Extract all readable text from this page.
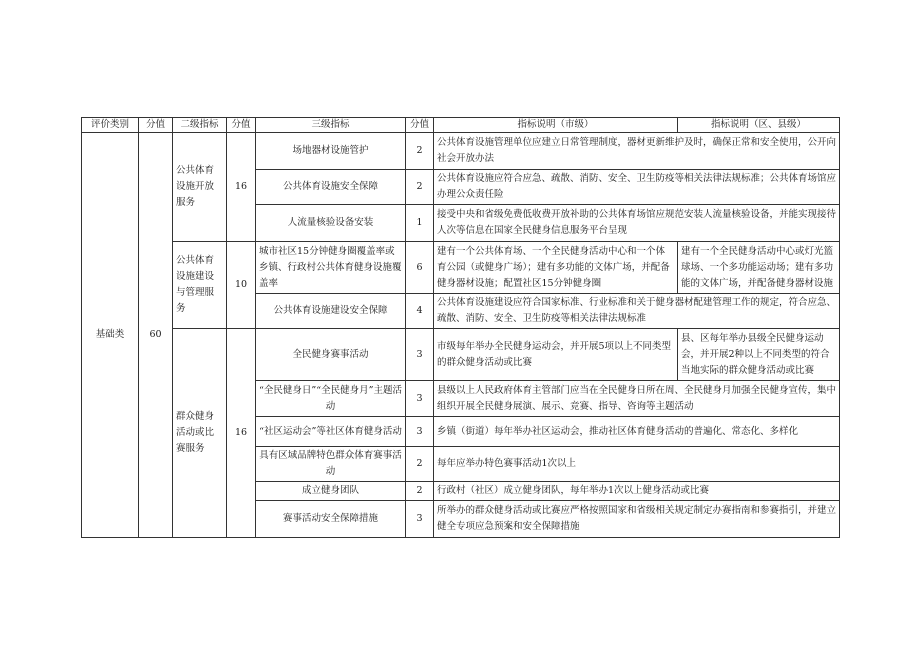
评价类别	分值	二级指标	分值	三级指标	分值	指标说明（市级）	指标说明（区、县级）
基础类	60	公共体育设施开放服务	16	场地器材设施管护	2	公共体育设施管理单位应建立日常管理制度，器材更新维护及时，确保正常和安全使用，公开向社会开放办法	
				公共体育设施安全保障	2	公共体育设施应符合应急、疏散、消防、安全、卫生防疫等相关法律法规标准；公共体育场馆应办理公众责任险	
				人流量核验设备安装	1	接受中央和省级免费低收费开放补助的公共体育场馆应规范安装人流量核验设备，并能实现接待人次等信息在国家全民健身信息服务平台呈现	
		公共体育设施建设与管理服务	10	城市社区15分钟健身圈覆盖率或乡镇、行政村公共体育健身设施覆盖率	6	建有一个公共体育场、一个全民健身活动中心和一个体育公园（或健身广场）；建有多功能的文体广场，并配备健身器材设施；配置社区15分钟健身圈	建有一个全民健身活动中心或灯光篮球场、一个多功能运动场；建有多功能的文体广场，并配备健身器材设施
				公共体育设施建设安全保障	4	公共体育设施建设应符合国家标准、行业标准和关于健身器材配建管理工作的规定，符合应急、疏散、消防、安全、卫生防疫等相关法律法规标准	
		群众健身活动或比赛服务	16	全民健身赛事活动	3	市级每年举办全民健身运动会，并开展5项以上不同类型的群众健身活动或比赛	县、区每年举办县级全民健身运动会，并开展2种以上不同类型的符合当地实际的群众健身活动或比赛
				“全民健身日”“全民健身月”主题活动	3	县级以上人民政府体育主管部门应当在全民健身日所在周、全民健身月加强全民健身宣传，集中组织开展全民健身展演、展示、竞赛、指导、咨询等主题活动	
				“社区运动会”等社区体育健身活动	3	乡镇（街道）每年举办社区运动会，推动社区体育健身活动的普遍化、常态化、多样化	
				具有区域品牌特色群众体育赛事活动	2	每年应举办特色赛事活动1次以上	
				成立健身团队	2	行政村（社区）成立健身团队，每年举办1次以上健身活动或比赛	
				赛事活动安全保障措施	3	所举办的群众健身活动或比赛应严格按照国家和省级相关规定制定办赛指南和参赛指引，并建立健全专项应急预案和安全保障措施	
